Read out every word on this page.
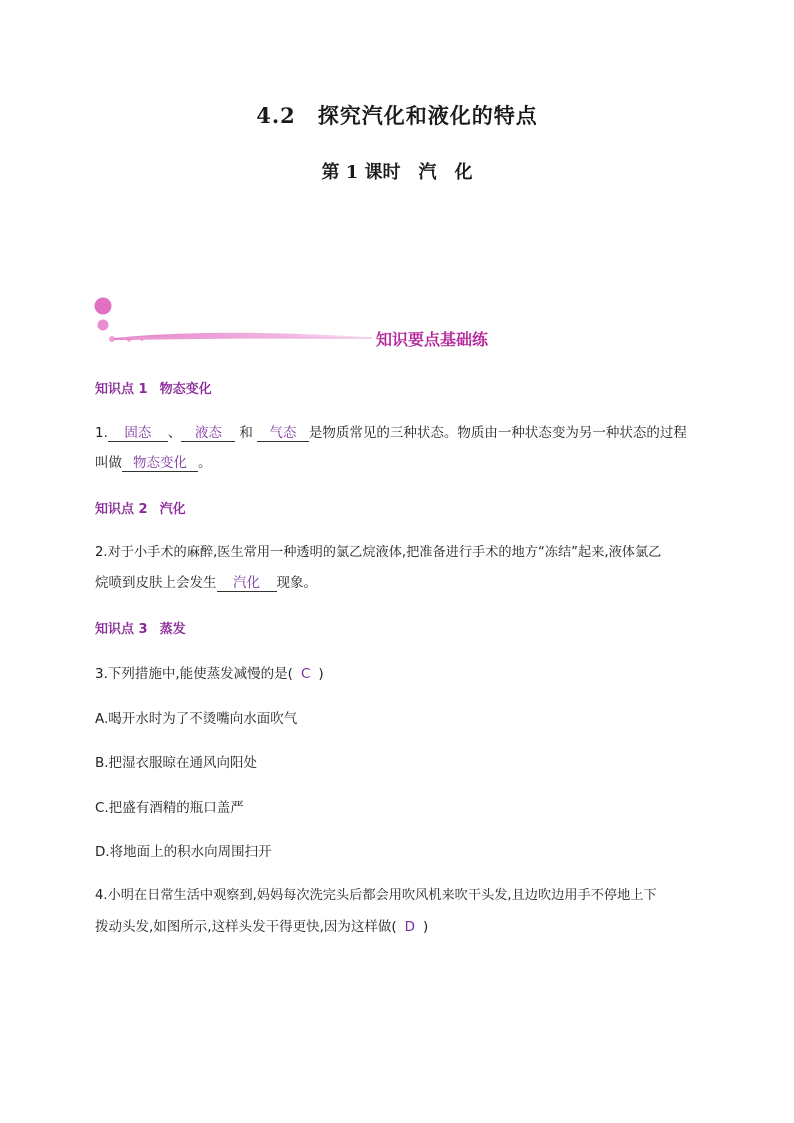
4.2　探究汽化和液化的特点
第 1 课时　汽　化
知识要点基础练
知识点 1 物态变化
1. 固态 、 液态 和 气态 是物质常见的三种状态。物质由一种状态变为另一种状态的过程
叫做 物态变化 。
知识点 2 汽化
2.对于小手术的麻醉,医生常用一种透明的氯乙烷液体,把准备进行手术的地方“冻结”起来,液体氯乙
烷喷到皮肤上会发生 汽化 现象。
知识点 3 蒸发
3.下列措施中,能使蒸发减慢的是( C )
A.喝开水时为了不烫嘴向水面吹气
B.把湿衣服晾在通风向阳处
C.把盛有酒精的瓶口盖严
D.将地面上的积水向周围扫开
4.小明在日常生活中观察到,妈妈每次洗完头后都会用吹风机来吹干头发,且边吹边用手不停地上下
拨动头发,如图所示,这样头发干得更快,因为这样做( D )
